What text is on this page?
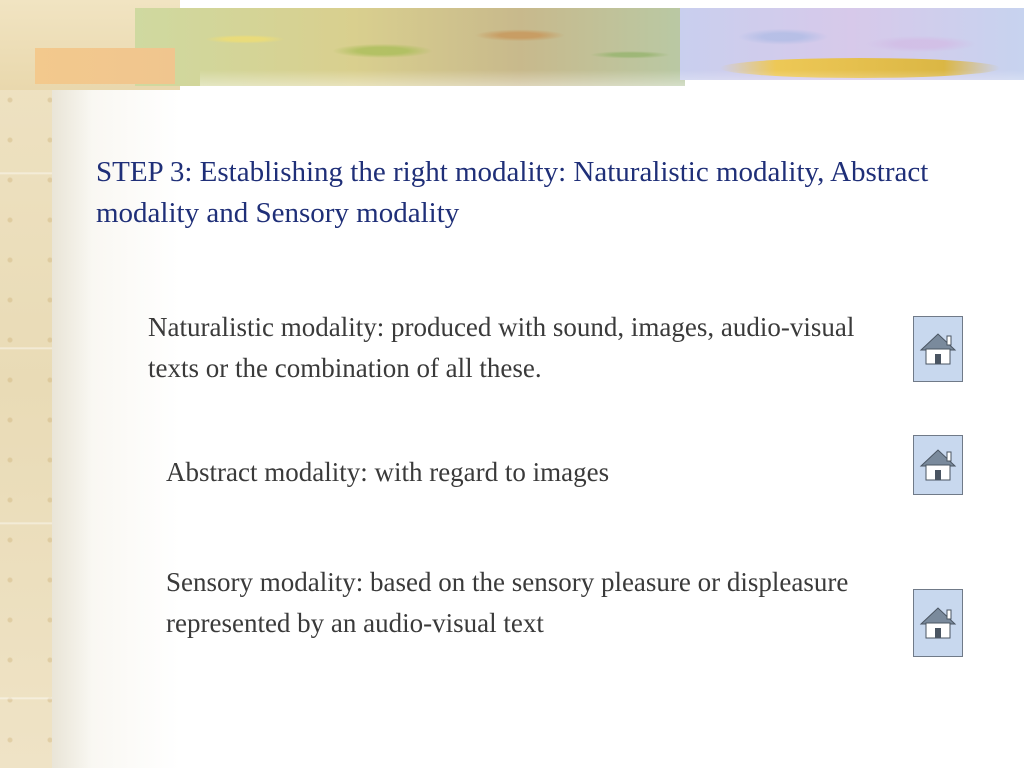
STEP 3: Establishing the right modality: Naturalistic modality, Abstract modality and Sensory modality

Naturalistic modality: produced with sound, images, audio-visual texts or the combination of all these.

Abstract modality: with regard to images

Sensory modality: based on the sensory pleasure or displeasure represented by an audio-visual text
